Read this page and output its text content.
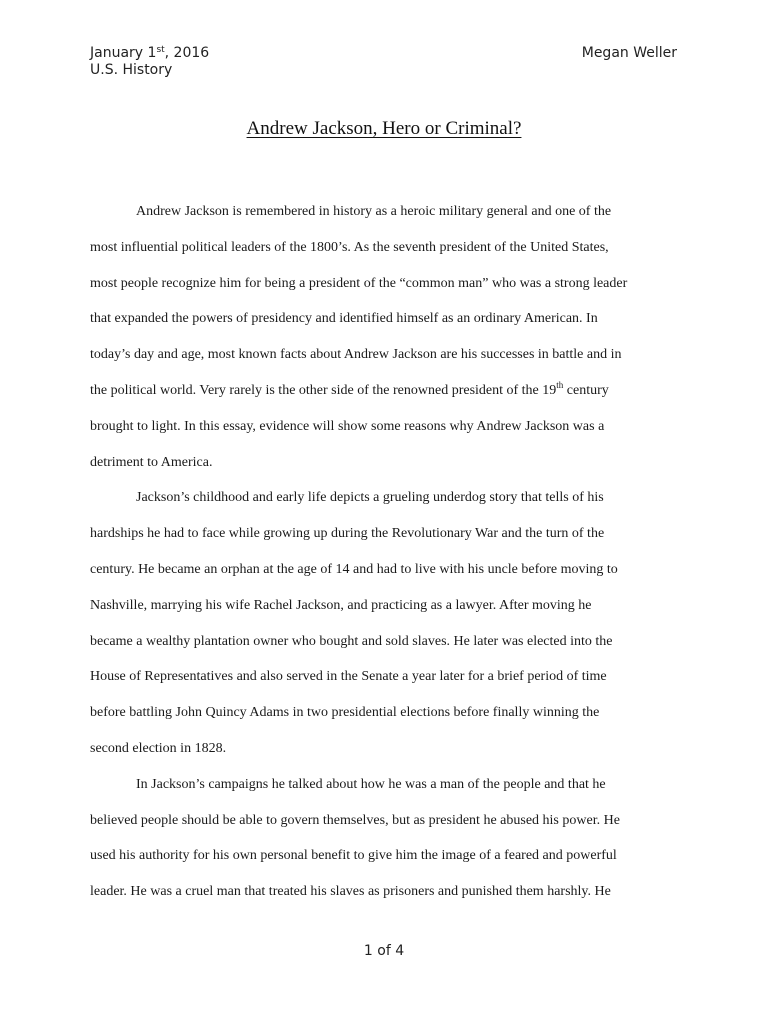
January 1st, 2016	Megan Weller
U.S. History
Andrew Jackson, Hero or Criminal?
Andrew Jackson is remembered in history as a heroic military general and one of the
most influential political leaders of the 1800’s. As the seventh president of the United States,
most people recognize him for being a president of the “common man” who was a strong leader
that expanded the powers of presidency and identified himself as an ordinary American. In
today’s day and age, most known facts about Andrew Jackson are his successes in battle and in
the political world. Very rarely is the other side of the renowned president of the 19th century
brought to light. In this essay, evidence will show some reasons why Andrew Jackson was a
detriment to America.
Jackson’s childhood and early life depicts a grueling underdog story that tells of his
hardships he had to face while growing up during the Revolutionary War and the turn of the
century. He became an orphan at the age of 14 and had to live with his uncle before moving to
Nashville, marrying his wife Rachel Jackson, and practicing as a lawyer. After moving he
became a wealthy plantation owner who bought and sold slaves. He later was elected into the
House of Representatives and also served in the Senate a year later for a brief period of time
before battling John Quincy Adams in two presidential elections before finally winning the
second election in 1828.
In Jackson’s campaigns he talked about how he was a man of the people and that he
believed people should be able to govern themselves, but as president he abused his power. He
used his authority for his own personal benefit to give him the image of a feared and powerful
leader. He was a cruel man that treated his slaves as prisoners and punished them harshly. He
1 of 4
